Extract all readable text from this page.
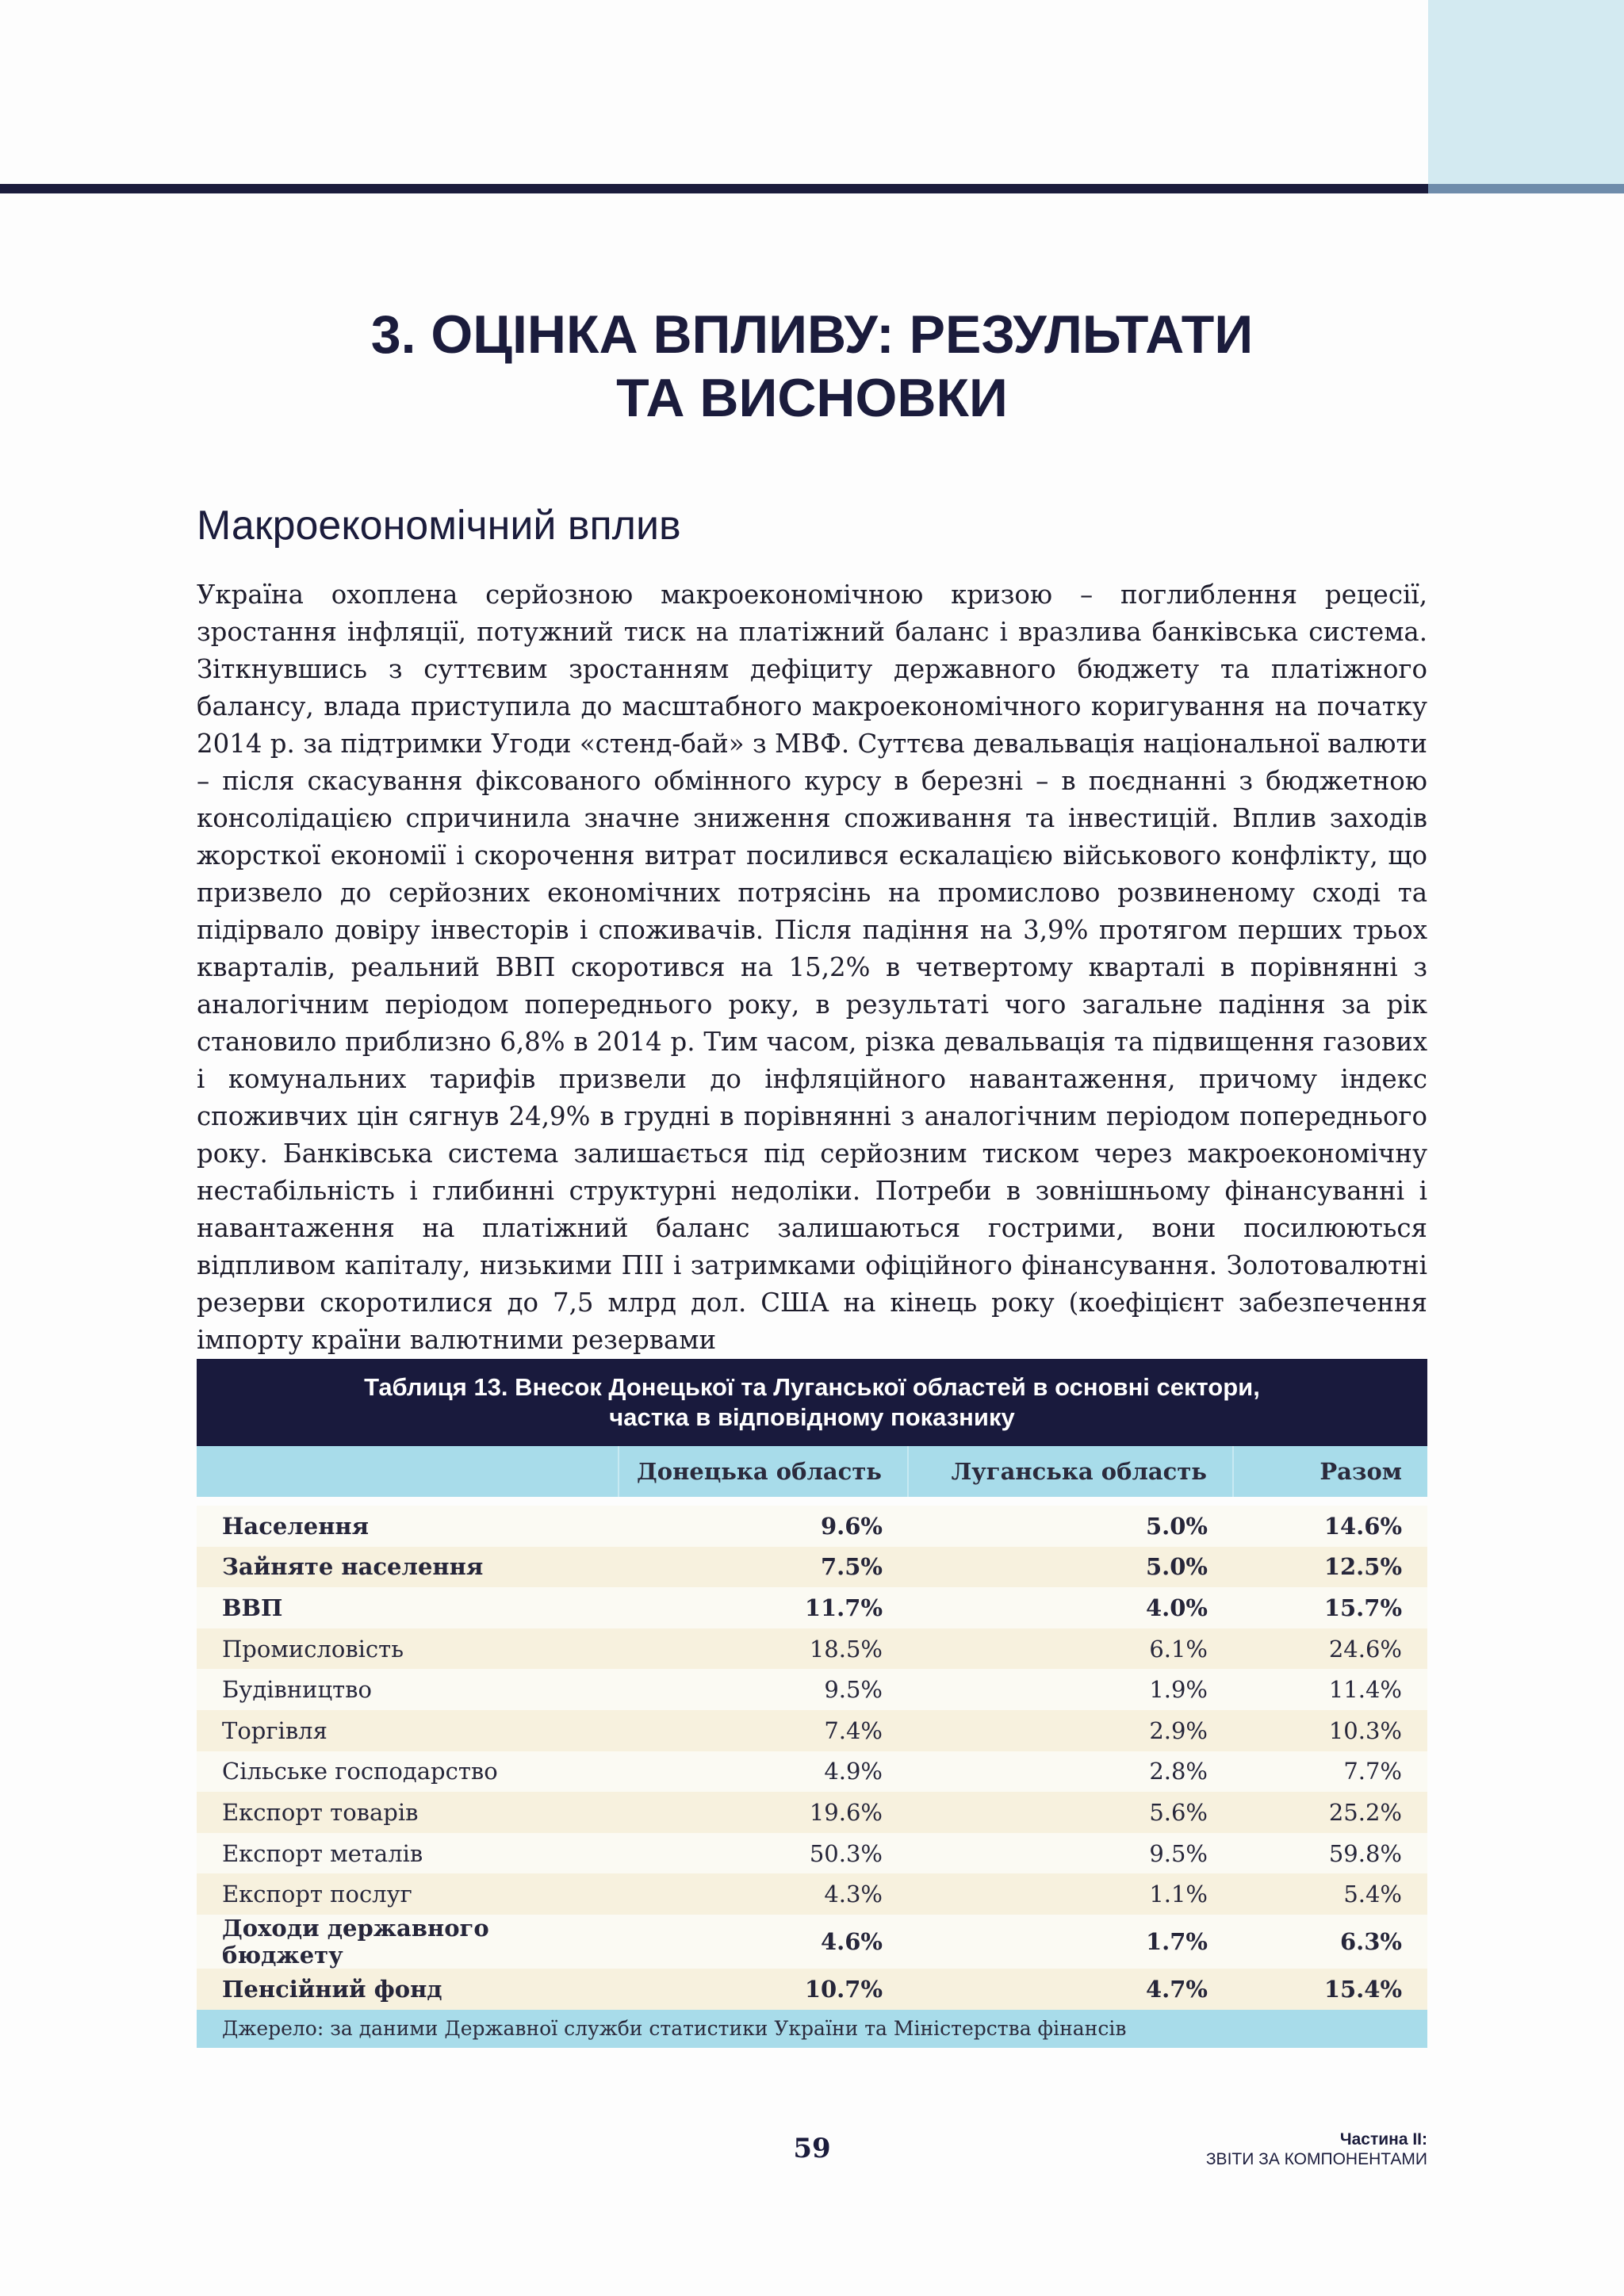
3. ОЦІНКА ВПЛИВУ: РЕЗУЛЬТАТИ
ТА ВИСНОВКИ
Макроекономічний вплив

Україна охоплена серйозною макроекономічною кризою – поглиблення рецесії, зростання інфляції, потужний тиск на платіжний баланс і вразлива банківська система. Зіткнувшись з суттєвим зростанням дефіциту державного бюджету та платіжного балансу, влада приступила до масштабного макроекономічного коригування на початку 2014 р. за підтримки Угоди «стенд-бай» з МВФ. Суттєва девальвація національної валюти – після скасування фіксованого обмінного курсу в березні – в поєднанні з бюджетною консолідацією спричинила значне зниження споживання та інвестицій. Вплив заходів жорсткої економії і скорочення витрат посилився ескалацією військового конфлікту, що призвело до серйозних економічних потрясінь на промислово розвиненому сході та підірвало довіру інвесторів і споживачів. Після падіння на 3,9% протягом перших трьох кварталів, реальний ВВП скоротився на 15,2% в четвертому кварталі в порівнянні з аналогічним періодом попереднього року, в результаті чого загальне падіння за рік становило приблизно 6,8% в 2014 р. Тим часом, різка девальвація та підвищення газових і комунальних тарифів призвели до інфляційного навантаження, причому індекс споживчих цін сягнув 24,9% в грудні в порівнянні з аналогічним періодом попереднього року. Банківська система залишається під серйозним тиском через макроекономічну нестабільність і глибинні структурні недоліки. Потреби в зовнішньому фінансуванні і навантаження на платіжний баланс залишаються гострими, вони посилюються відпливом капіталу, низькими ПІІ і затримками офіційного фінансування. Золотовалютні резерви скоротилися до 7,5 млрд дол. США на кінець року (коефіцієнт забезпечення імпорту країни валютними резервами

Таблиця 13. Внесок Донецької та Луганської областей в основні сектори,
частка в відповідному показнику
	Донецька область	Луганська область	Разом

Населення	9.6%	5.0%	14.6%
Зайняте населення	7.5%	5.0%	12.5%
ВВП	11.7%	4.0%	15.7%
Промисловість	18.5%	6.1%	24.6%
Будівництво	9.5%	1.9%	11.4%
Торгівля	7.4%	2.9%	10.3%
Сільське господарство	4.9%	2.8%	7.7%
Експорт товарів	19.6%	5.6%	25.2%
Експорт металів	50.3%	9.5%	59.8%
Експорт послуг	4.3%	1.1%	5.4%
Доходи державного бюджету	4.6%	1.7%	6.3%
Пенсійний фонд	10.7%	4.7%	15.4%
Джерело: за даними Державної служби статистики України та Міністерства фінансів
59	Частина ІІ:
ЗВІТИ ЗА КОМПОНЕНТАМИ
